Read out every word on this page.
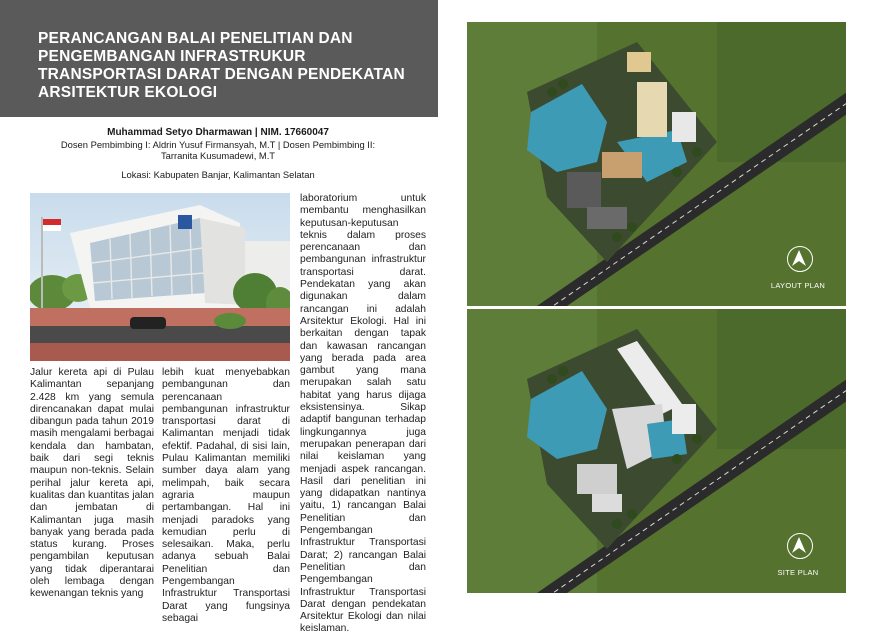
PERANCANGAN BALAI PENELITIAN DAN PENGEMBANGAN INFRASTRUKUR TRANSPORTASI DARAT DENGAN PENDEKATAN ARSITEKTUR EKOLOGI
Muhammad Setyo Dharmawan | NIM. 17660047
Dosen Pembimbing I: Aldrin Yusuf Firmansyah, M.T | Dosen Pembimbing II:
Tarranita Kusumadewi, M.T
Lokasi: Kabupaten Banjar, Kalimantan Selatan
Jalur kereta api di Pulau Kalimantan sepanjang 2.428 km yang semula direncanakan dapat mulai dibangun pada tahun 2019 masih mengalami berbagai kendala dan hambatan, baik dari segi teknis maupun non-teknis. Selain perihal jalur kereta api, kualitas dan kuantitas jalan dan jembatan di Kalimantan juga masih banyak yang berada pada status kurang. Proses pengambilan keputusan yang tidak diperantarai oleh lembaga dengan kewenangan teknis yang
lebih kuat menyebabkan pembangunan dan perencanaan pembangunan infrastruktur transportasi darat di Kalimantan menjadi tidak efektif. Padahal, di sisi lain, Pulau Kalimantan memiliki sumber daya alam yang melimpah, baik secara agraria maupun pertambangan. Hal ini menjadi paradoks yang kemudian perlu di selesaikan. Maka, perlu adanya sebuah Balai Penelitian dan Pengembangan Infrastruktur Transportasi Darat yang fungsinya sebagai
laboratorium untuk membantu menghasilkan keputusan-keputusan teknis dalam proses perencanaan dan pembangunan infrastruktur transportasi darat. Pendekatan yang akan digunakan dalam rancangan ini adalah Arsitektur Ekologi. Hal ini berkaitan dengan tapak dan kawasan rancangan yang berada pada area gambut yang mana merupakan salah satu habitat yang harus dijaga eksistensinya. Sikap adaptif bangunan terhadap lingkungannya juga merupakan penerapan dari nilai keislaman yang menjadi aspek rancangan. Hasil dari penelitian ini yang didapatkan nantinya yaitu, 1) rancangan Balai Penelitian dan Pengembangan Infrastruktur Transportasi Darat; 2) rancangan Balai Penelitian dan Pengembangan Infrastruktur Transportasi Darat dengan pendekatan Arsitektur Ekologi dan nilai keislaman.
LAYOUT PLAN
SITE PLAN
